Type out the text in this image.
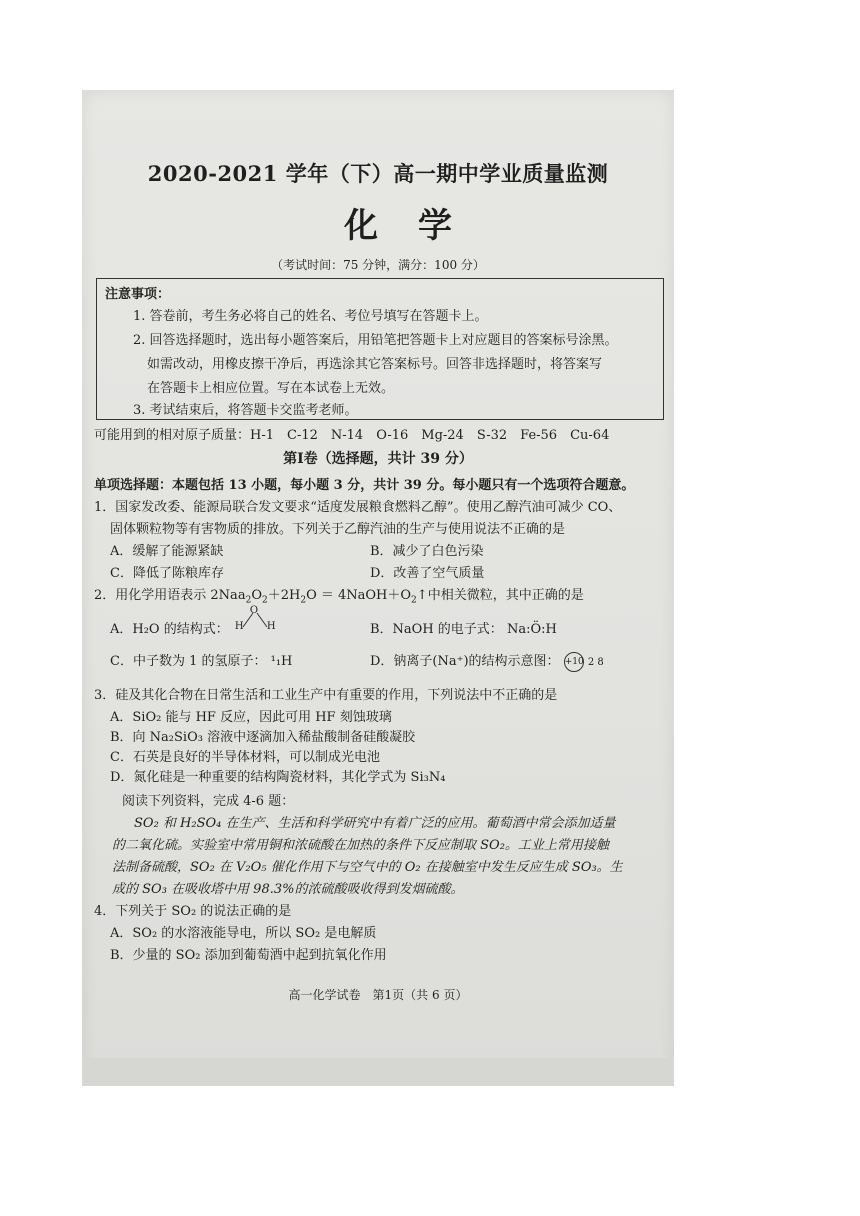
2020-2021 学年（下）高一期中学业质量监测
化学
（考试时间：75 分钟，满分：100 分）
注意事项：
1. 答卷前，考生务必将自己的姓名、考位号填写在答题卡上。
2. 回答选择题时，选出每小题答案后，用铅笔把答题卡上对应题目的答案标号涂黑。
如需改动，用橡皮擦干净后，再选涂其它答案标号。回答非选择题时，将答案写
在答题卡上相应位置。写在本试卷上无效。
3. 考试结束后，将答题卡交监考老师。
可能用到的相对原子质量：H-1　C-12　N-14　O-16　Mg-24　S-32　Fe-56　Cu-64
第Ⅰ卷（选择题，共计 39 分）
单项选择题：本题包括 13 小题，每小题 3 分，共计 39 分。每小题只有一个选项符合题意。
1．国家发改委、能源局联合发文要求“适度发展粮食燃料乙醇”。使用乙醇汽油可减少 CO、
固体颗粒物等有害物质的排放。下列关于乙醇汽油的生产与使用说法不正确的是
A．缓解了能源紧缺	B．减少了白色污染
C．降低了陈粮库存	D．改善了空气质量
2．用化学用语表示 $2Naa_2O_2+2H_2O$ ＝ $4NaOH+O_2↑$中相关微粒，其中正确的是
A．H₂O 的结构式： H
O
H	B．NaOH 的电子式： Na:Ö:H
C．中子数为 1 的氢原子： ¹₁H	D．钠离子(Na⁺)的结构示意图： +10 2 8
3．硅及其化合物在日常生活和工业生产中有重要的作用，下列说法中不正确的是
A．SiO₂ 能与 HF 反应，因此可用 HF 刻蚀玻璃
B．向 Na₂SiO₃ 溶液中逐滴加入稀盐酸制备硅酸凝胶
C．石英是良好的半导体材料，可以制成光电池
D．氮化硅是一种重要的结构陶瓷材料，其化学式为 Si₃N₄
阅读下列资料，完成 4-6 题：
SO₂ 和 H₂SO₄ 在生产、生活和科学研究中有着广泛的应用。葡萄酒中常会添加适量
的二氧化硫。实验室中常用铜和浓硫酸在加热的条件下反应制取 SO₂。工业上常用接触
法制备硫酸，SO₂ 在 V₂O₅ 催化作用下与空气中的 O₂ 在接触室中发生反应生成 SO₃。生
成的 SO₃ 在吸收塔中用 98.3%的浓硫酸吸收得到发烟硫酸。
4．下列关于 SO₂ 的说法正确的是
A．SO₂ 的水溶液能导电，所以 SO₂ 是电解质
B．少量的 SO₂ 添加到葡萄酒中起到抗氧化作用
高一化学试卷　第1页（共 6 页）
